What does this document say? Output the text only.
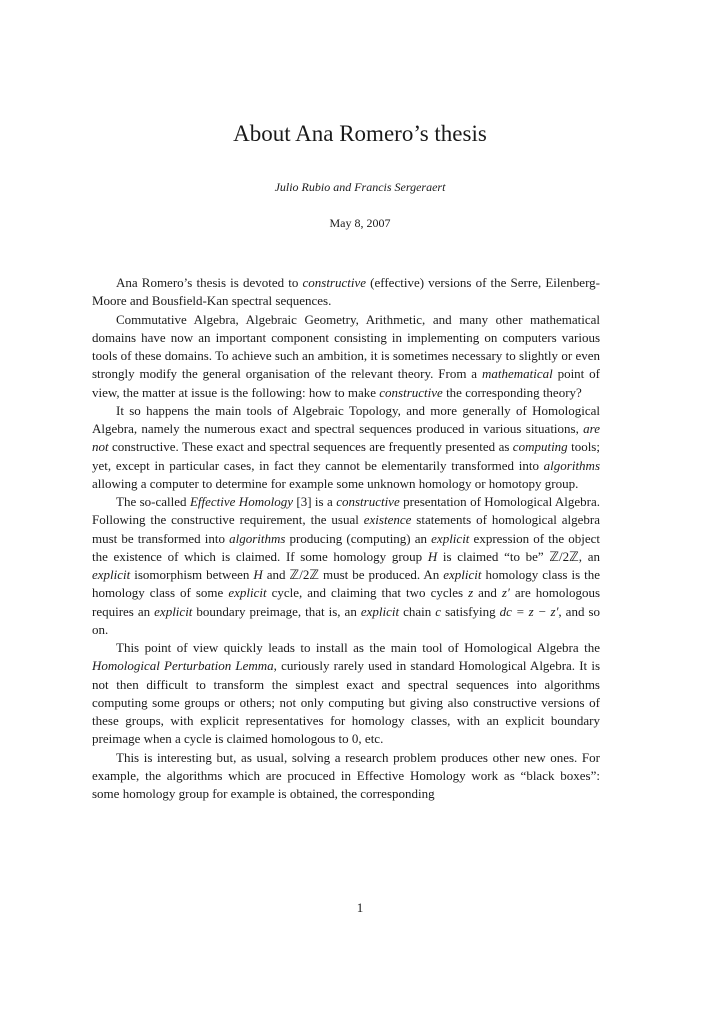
About Ana Romero’s thesis
Julio Rubio and Francis Sergeraert
May 8, 2007

Ana Romero’s thesis is devoted to constructive (effective) versions of the Serre, Eilenberg-Moore and Bousfield-Kan spectral sequences.

Commutative Algebra, Algebraic Geometry, Arithmetic, and many other mathematical domains have now an important component consisting in implementing on computers various tools of these domains. To achieve such an ambition, it is sometimes necessary to slightly or even strongly modify the general organisation of the relevant theory. From a mathematical point of view, the matter at issue is the following: how to make constructive the corresponding theory?

It so happens the main tools of Algebraic Topology, and more generally of Homological Algebra, namely the numerous exact and spectral sequences produced in various situations, are not constructive. These exact and spectral sequences are frequently presented as computing tools; yet, except in particular cases, in fact they cannot be elementarily transformed into algorithms allowing a computer to determine for example some unknown homology or homotopy group.

The so-called Effective Homology [3] is a constructive presentation of Homological Algebra. Following the constructive requirement, the usual existence statements of homological algebra must be transformed into algorithms producing (computing) an explicit expression of the object the existence of which is claimed. If some homology group H is claimed “to be” ℤ/2ℤ, an explicit isomorphism between H and ℤ/2ℤ must be produced. An explicit homology class is the homology class of some explicit cycle, and claiming that two cycles z and z′ are homologous requires an explicit boundary preimage, that is, an explicit chain c satisfying dc = z − z′, and so on.

This point of view quickly leads to install as the main tool of Homological Algebra the Homological Perturbation Lemma, curiously rarely used in standard Homological Algebra. It is not then difficult to transform the simplest exact and spectral sequences into algorithms computing some groups or others; not only computing but giving also constructive versions of these groups, with explicit representatives for homology classes, with an explicit boundary preimage when a cycle is claimed homologous to 0, etc.

This is interesting but, as usual, solving a research problem produces other new ones. For example, the algorithms which are procuced in Effective Homology work as “black boxes”: some homology group for example is obtained, the corresponding

1
